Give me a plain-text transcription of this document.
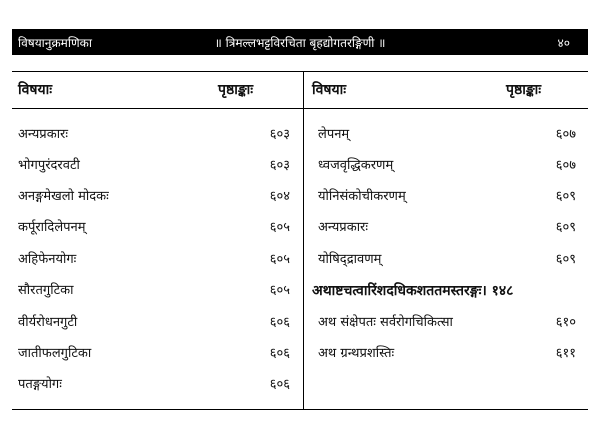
विषयानुक्रमणिका	॥ त्रिमल्लभट्टविरचिता बृहद्योगतरङ्गिणी ॥	४०
विषयाः	पृष्ठाङ्काः	विषयाः	पृष्ठाङ्काः
अन्यप्रकारः	६०३
भोगपुरंदरवटी	६०३
अनङ्गमेखलो मोदकः	६०४
कर्पूरादिलेपनम्	६०५
अहिफेनयोगः	६०५
सौरतगुटिका	६०५
वीर्यरोधनगुटी	६०६
जातीफलगुटिका	६०६
पतङ्गयोगः	६०६
लेपनम्	६०७
ध्वजवृद्धिकरणम्	६०७
योनिसंकोचीकरणम्	६०९
अन्यप्रकारः	६०९
योषिद्द्रावणम्	६०९
अथाष्टचत्वारिंशदधिकशततमस्तरङ्गः। १४८
अथ संक्षेपतः सर्वरोगचिकित्सा	६१०
अथ ग्रन्थप्रशस्तिः	६११
